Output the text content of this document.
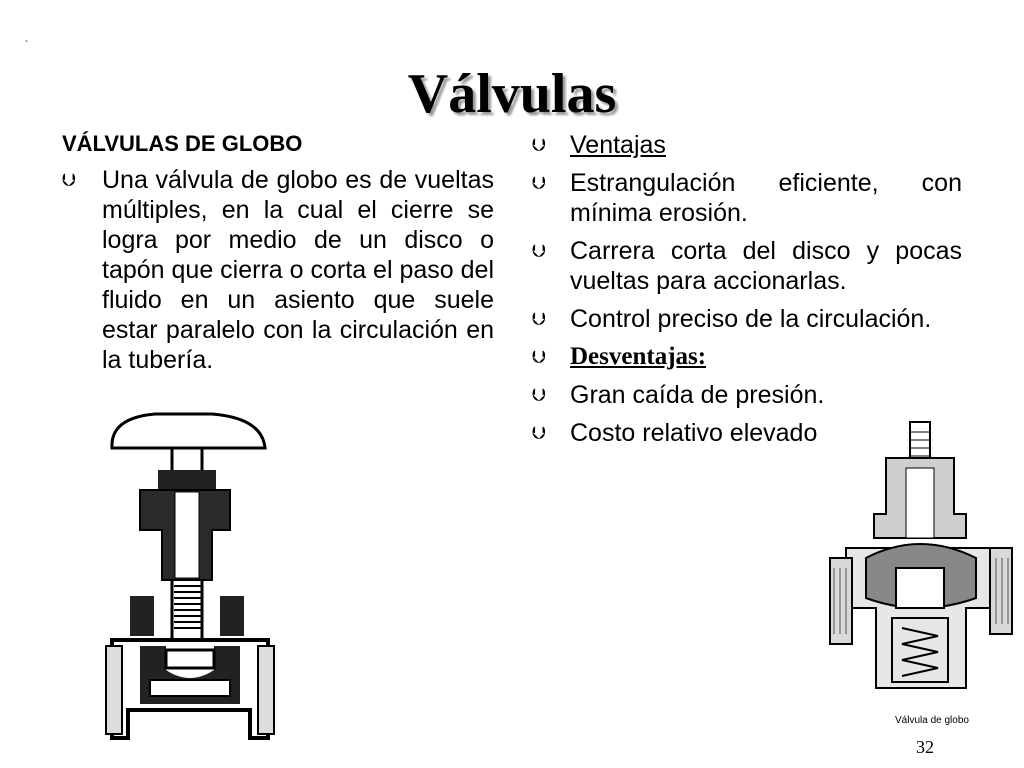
`
Válvulas
VÁLVULAS DE GLOBO
⮋	Una válvula de globo es de vueltas múltiples, en la cual el cierre se logra por medio de un disco o tapón que cierra o corta el paso del fluido en un asiento que suele estar paralelo con la circulación en la tubería.
⮋ Ventajas
⮋ Estrangulación eficiente, con mínima erosión.
⮋ Carrera corta del disco y pocas vueltas para accionarlas.
⮋ Control preciso de la circulación.
⮋ Desventajas:
⮋ Gran caída de presión.
⮋ Costo relativo elevado
Válvula de globo
32
